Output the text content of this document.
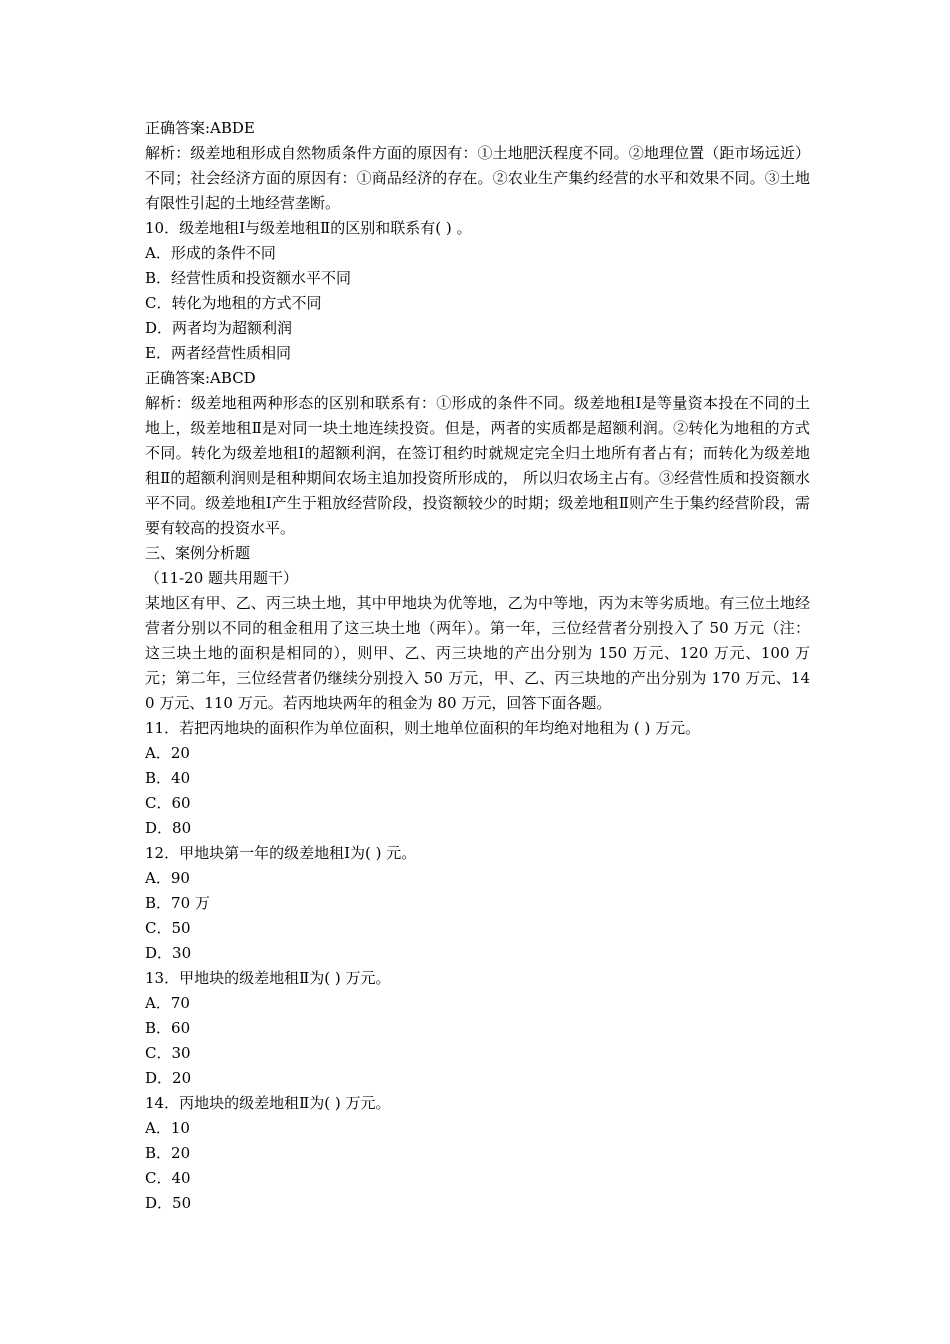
正确答案:ABDE
解析：级差地租形成自然物质条件方面的原因有：①土地肥沃程度不同。②地理位置（距市场远近）不同；社会经济方面的原因有：①商品经济的存在。②农业生产集约经营的水平和效果不同。③土地有限性引起的土地经营垄断。
10．级差地租Ⅰ与级差地租Ⅱ的区别和联系有( ) 。
A．形成的条件不同
B．经营性质和投资额水平不同
C．转化为地租的方式不同
D．两者均为超额利润
E．两者经营性质相同
正确答案:ABCD
解析：级差地租两种形态的区别和联系有：①形成的条件不同。级差地租Ⅰ是等量资本投在不同的土地上，级差地租Ⅱ是对同一块土地连续投资。但是，两者的实质都是超额利润。②转化为地租的方式不同。转化为级差地租Ⅰ的超额利润，在签订租约时就规定完全归土地所有者占有；而转化为级差地租Ⅱ的超额利润则是租种期间农场主追加投资所形成的， 所以归农场主占有。③经营性质和投资额水平不同。级差地租Ⅰ产生于粗放经营阶段，投资额较少的时期；级差地租Ⅱ则产生于集约经营阶段，需要有较高的投资水平。
三、案例分析题
（11-20 题共用题干）
某地区有甲、乙、丙三块土地，其中甲地块为优等地，乙为中等地，丙为末等劣质地。有三位土地经营者分别以不同的租金租用了这三块土地（两年）。第一年，三位经营者分别投入了 50 万元（注：这三块土地的面积是相同的），则甲、乙、丙三块地的产出分别为 150 万元、120 万元、100 万元；第二年，三位经营者仍继续分别投入 50 万元，甲、乙、丙三块地的产出分别为 170 万元、140 万元、110 万元。若丙地块两年的租金为 80 万元，回答下面各题。
11．若把丙地块的面积作为单位面积，则土地单位面积的年均绝对地租为 ( ) 万元。
A．20
B．40
C．60
D．80
12．甲地块第一年的级差地租Ⅰ为( ) 元。
A．90
B．70 万
C．50
D．30
13．甲地块的级差地租Ⅱ为( ) 万元。
A．70
B．60
C．30
D．20
14．丙地块的级差地租Ⅱ为( ) 万元。
A．10
B．20
C．40
D．50
